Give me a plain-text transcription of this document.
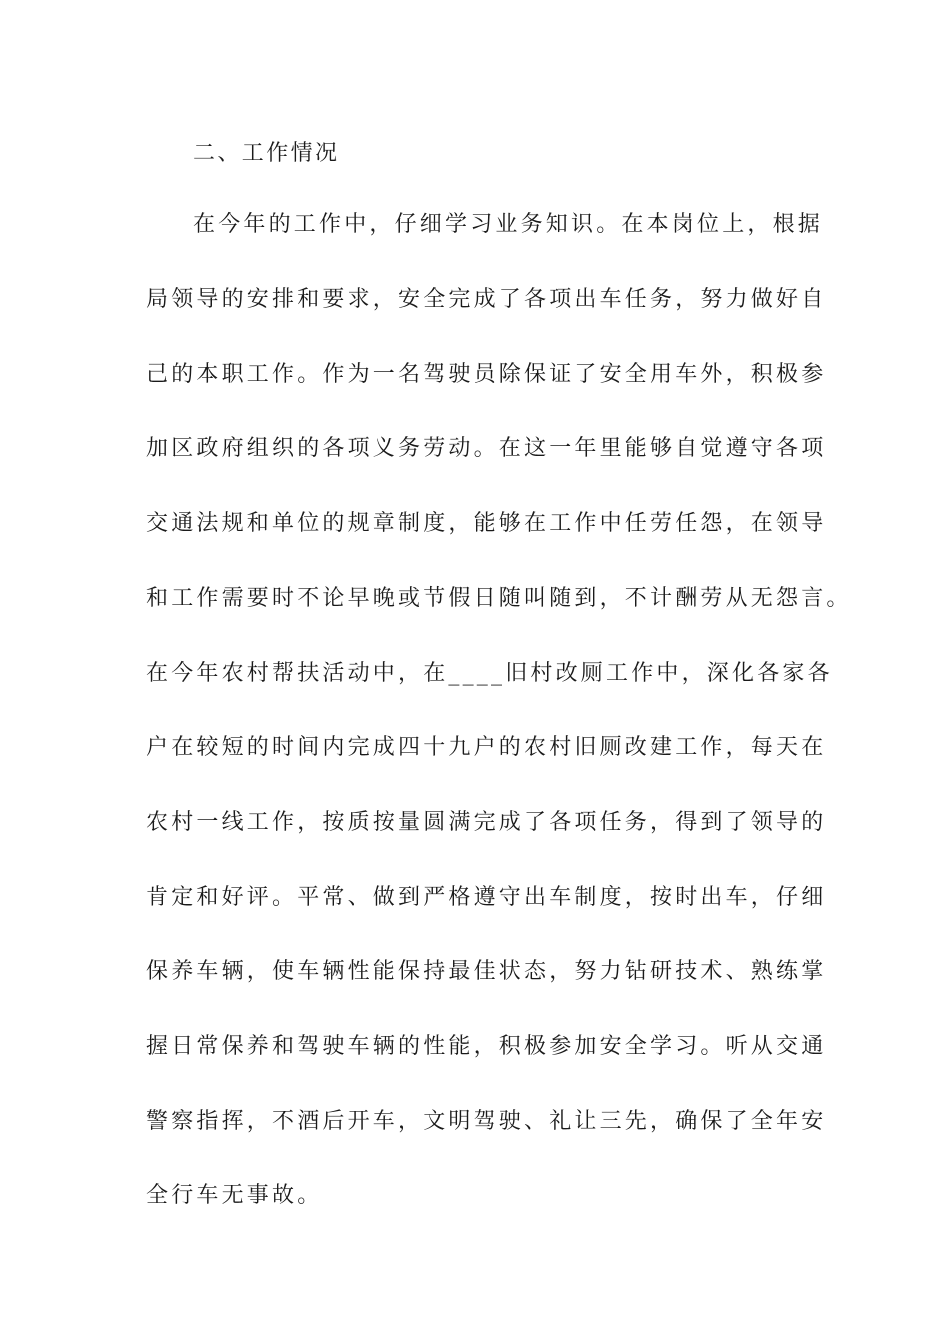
二、工作情况
在今年的工作中，仔细学习业务知识。在本岗位上，根据
局领导的安排和要求，安全完成了各项出车任务，努力做好自
己的本职工作。作为一名驾驶员除保证了安全用车外，积极参
加区政府组织的各项义务劳动。在这一年里能够自觉遵守各项
交通法规和单位的规章制度，能够在工作中任劳任怨，在领导
和工作需要时不论早晚或节假日随叫随到，不计酬劳从无怨言。
在今年农村帮扶活动中，在____旧村改厕工作中，深化各家各
户在较短的时间内完成四十九户的农村旧厕改建工作，每天在
农村一线工作，按质按量圆满完成了各项任务，得到了领导的
肯定和好评。平常、做到严格遵守出车制度，按时出车，仔细
保养车辆，使车辆性能保持最佳状态，努力钻研技术、熟练掌
握日常保养和驾驶车辆的性能，积极参加安全学习。听从交通
警察指挥，不酒后开车，文明驾驶、礼让三先，确保了全年安
全行车无事故。
